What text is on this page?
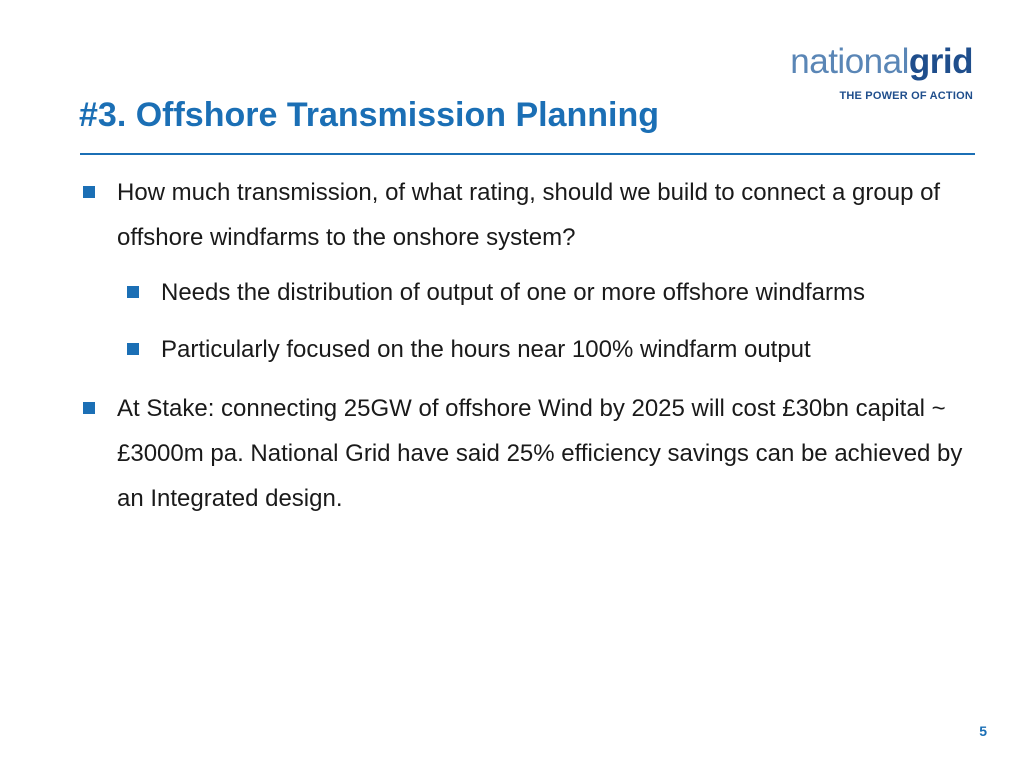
nationalgrid
THE POWER OF ACTION
#3. Offshore Transmission Planning
How much transmission, of what rating, should we build to connect a group of offshore windfarms to the onshore system?
Needs the distribution of output of one or more offshore windfarms
Particularly focused on the hours near 100% windfarm output
At Stake: connecting 25GW of offshore Wind by 2025 will cost £30bn capital ~ £3000m pa. National Grid have said 25% efficiency savings can be achieved by an Integrated design.
5
